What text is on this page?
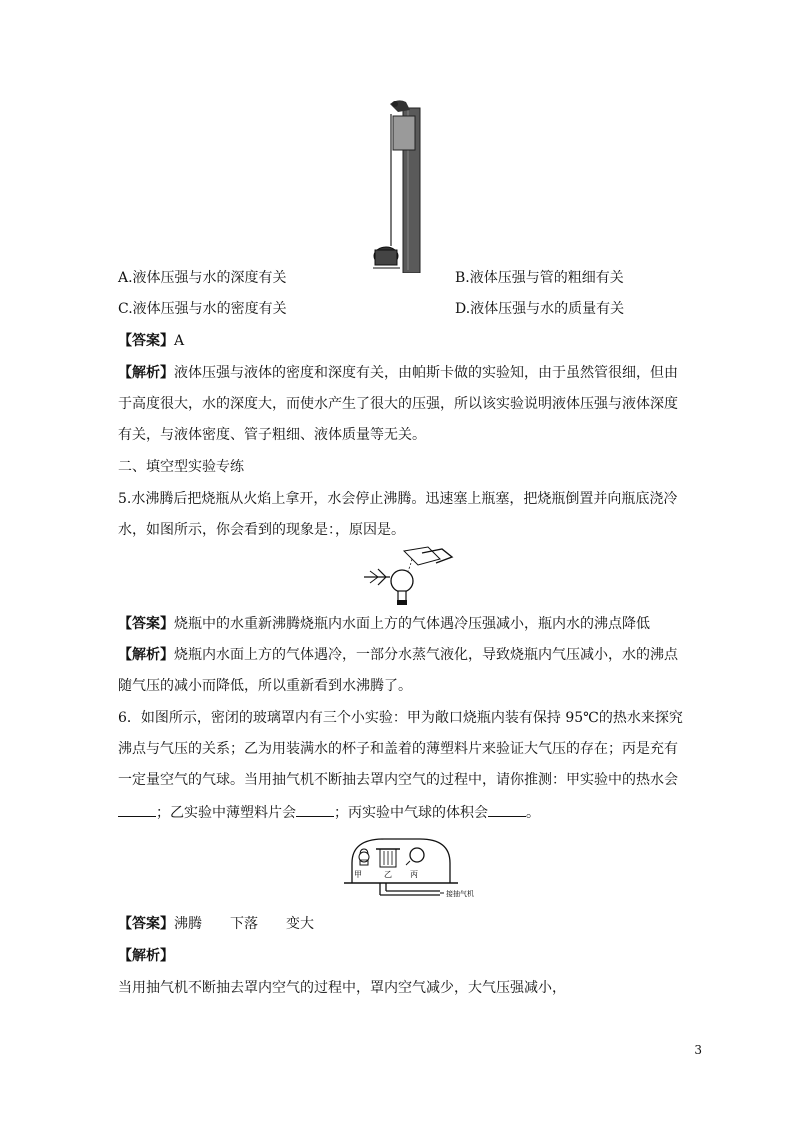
A.液体压强与水的深度有关	B.液体压强与管的粗细有关
C.液体压强与水的密度有关	D.液体压强与水的质量有关
【答案】A
【解析】液体压强与液体的密度和深度有关，由帕斯卡做的实验知，由于虽然管很细，但由
于高度很大，水的深度大，而使水产生了很大的压强，所以该实验说明液体压强与液体深度
有关，与液体密度、管子粗细、液体质量等无关。
二、填空型实验专练
5.水沸腾后把烧瓶从火焰上拿开，水会停止沸腾。迅速塞上瓶塞，把烧瓶倒置并向瓶底浇冷
水，如图所示，你会看到的现象是：，原因是。
【答案】烧瓶中的水重新沸腾烧瓶内水面上方的气体遇冷压强减小，瓶内水的沸点降低
【解析】烧瓶内水面上方的气体遇冷，一部分水蒸气液化，导致烧瓶内气压减小，水的沸点
随气压的减小而降低，所以重新看到水沸腾了。
6．如图所示，密闭的玻璃罩内有三个小实验：甲为敞口烧瓶内装有保持 95℃的热水来探究
沸点与气压的关系；乙为用装满水的杯子和盖着的薄塑料片来验证大气压的存在；丙是充有
一定量空气的气球。当用抽气机不断抽去罩内空气的过程中，请你推测：甲实验中的热水会
；乙实验中薄塑料片会	；丙实验中气球的体积会	。
甲	乙 丙
接抽气机
【答案】沸腾 下落 变大
【解析】
当用抽气机不断抽去罩内空气的过程中，罩内空气减少，大气压强减小，
3
